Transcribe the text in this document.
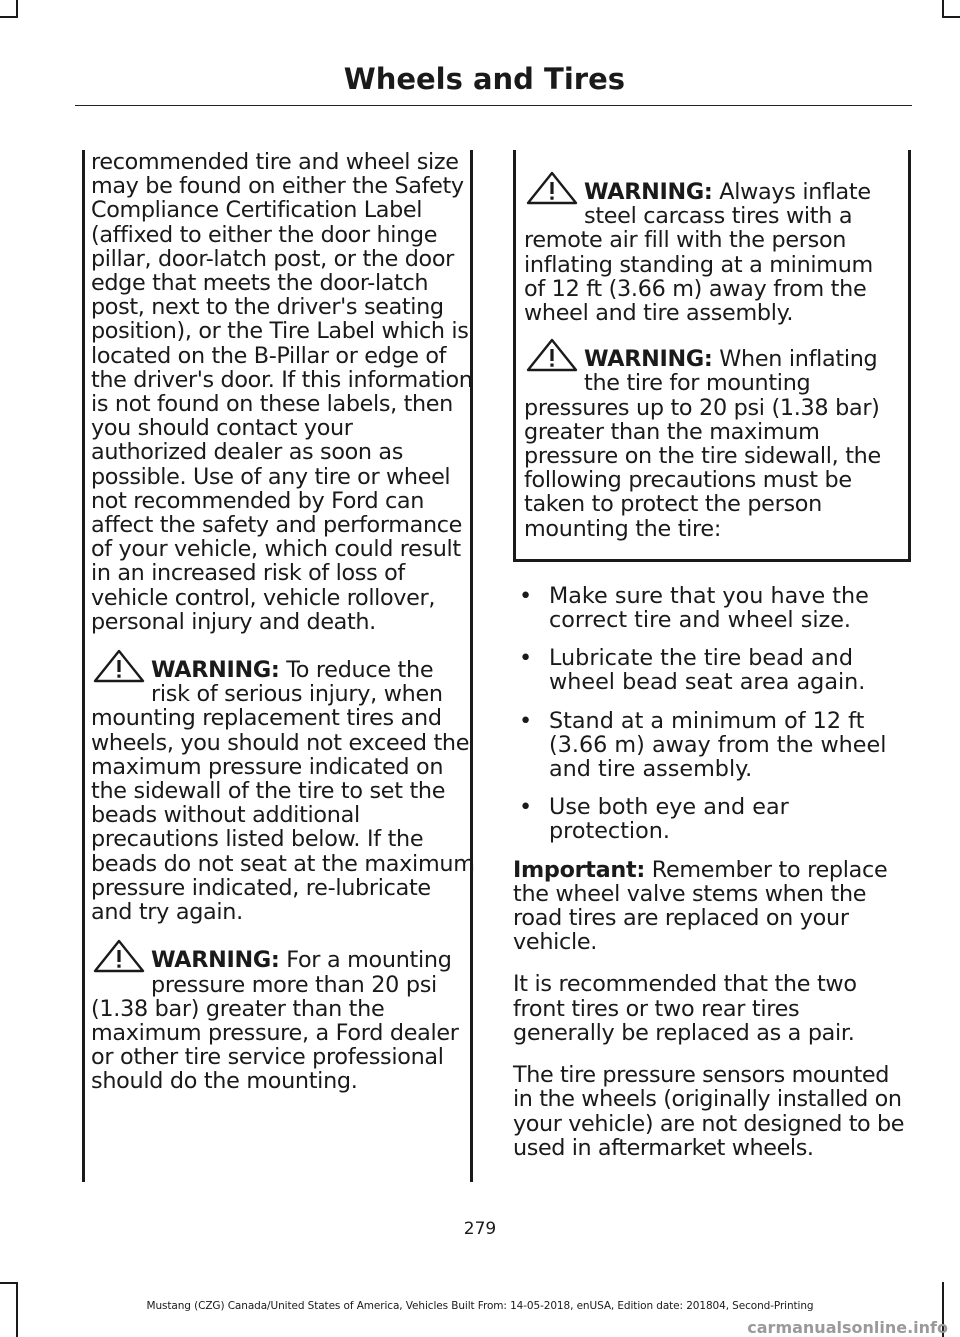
Wheels and Tires

recommended tire and wheel size may be found on either the Safety Compliance Certification Label (affixed to either the door hinge pillar, door-latch post, or the door edge that meets the door-latch post, next to the driver's seating position), or the Tire Label which is located on the B-Pillar or edge of the driver's door. If this information is not found on these labels, then you should contact your authorized dealer as soon as possible. Use of any tire or wheel not recommended by Ford can affect the safety and performance of your vehicle, which could result in an increased risk of loss of vehicle control, vehicle rollover, personal injury and death.

WARNING: To reduce the risk of serious injury, when mounting replacement tires and wheels, you should not exceed the maximum pressure indicated on the sidewall of the tire to set the beads without additional precautions listed below. If the beads do not seat at the maximum pressure indicated, re-lubricate and try again.

WARNING: For a mounting pressure more than 20 psi (1.38 bar) greater than the maximum pressure, a Ford dealer or other tire service professional should do the mounting.

WARNING: Always inflate steel carcass tires with a remote air fill with the person inflating standing at a minimum of 12 ft (3.66 m) away from the wheel and tire assembly.

WARNING: When inflating the tire for mounting pressures up to 20 psi (1.38 bar) greater than the maximum pressure on the tire sidewall, the following precautions must be taken to protect the person mounting the tire:

• Make sure that you have the correct tire and wheel size.
• Lubricate the tire bead and wheel bead seat area again.
• Stand at a minimum of 12 ft (3.66 m) away from the wheel and tire assembly.
• Use both eye and ear protection.

Important: Remember to replace the wheel valve stems when the road tires are replaced on your vehicle.

It is recommended that the two front tires or two rear tires generally be replaced as a pair.

The tire pressure sensors mounted in the wheels (originally installed on your vehicle) are not designed to be used in aftermarket wheels.

279
Mustang (CZG) Canada/United States of America, Vehicles Built From: 14-05-2018, enUSA, Edition date: 201804, Second-Printing
carmanualsonline.info
